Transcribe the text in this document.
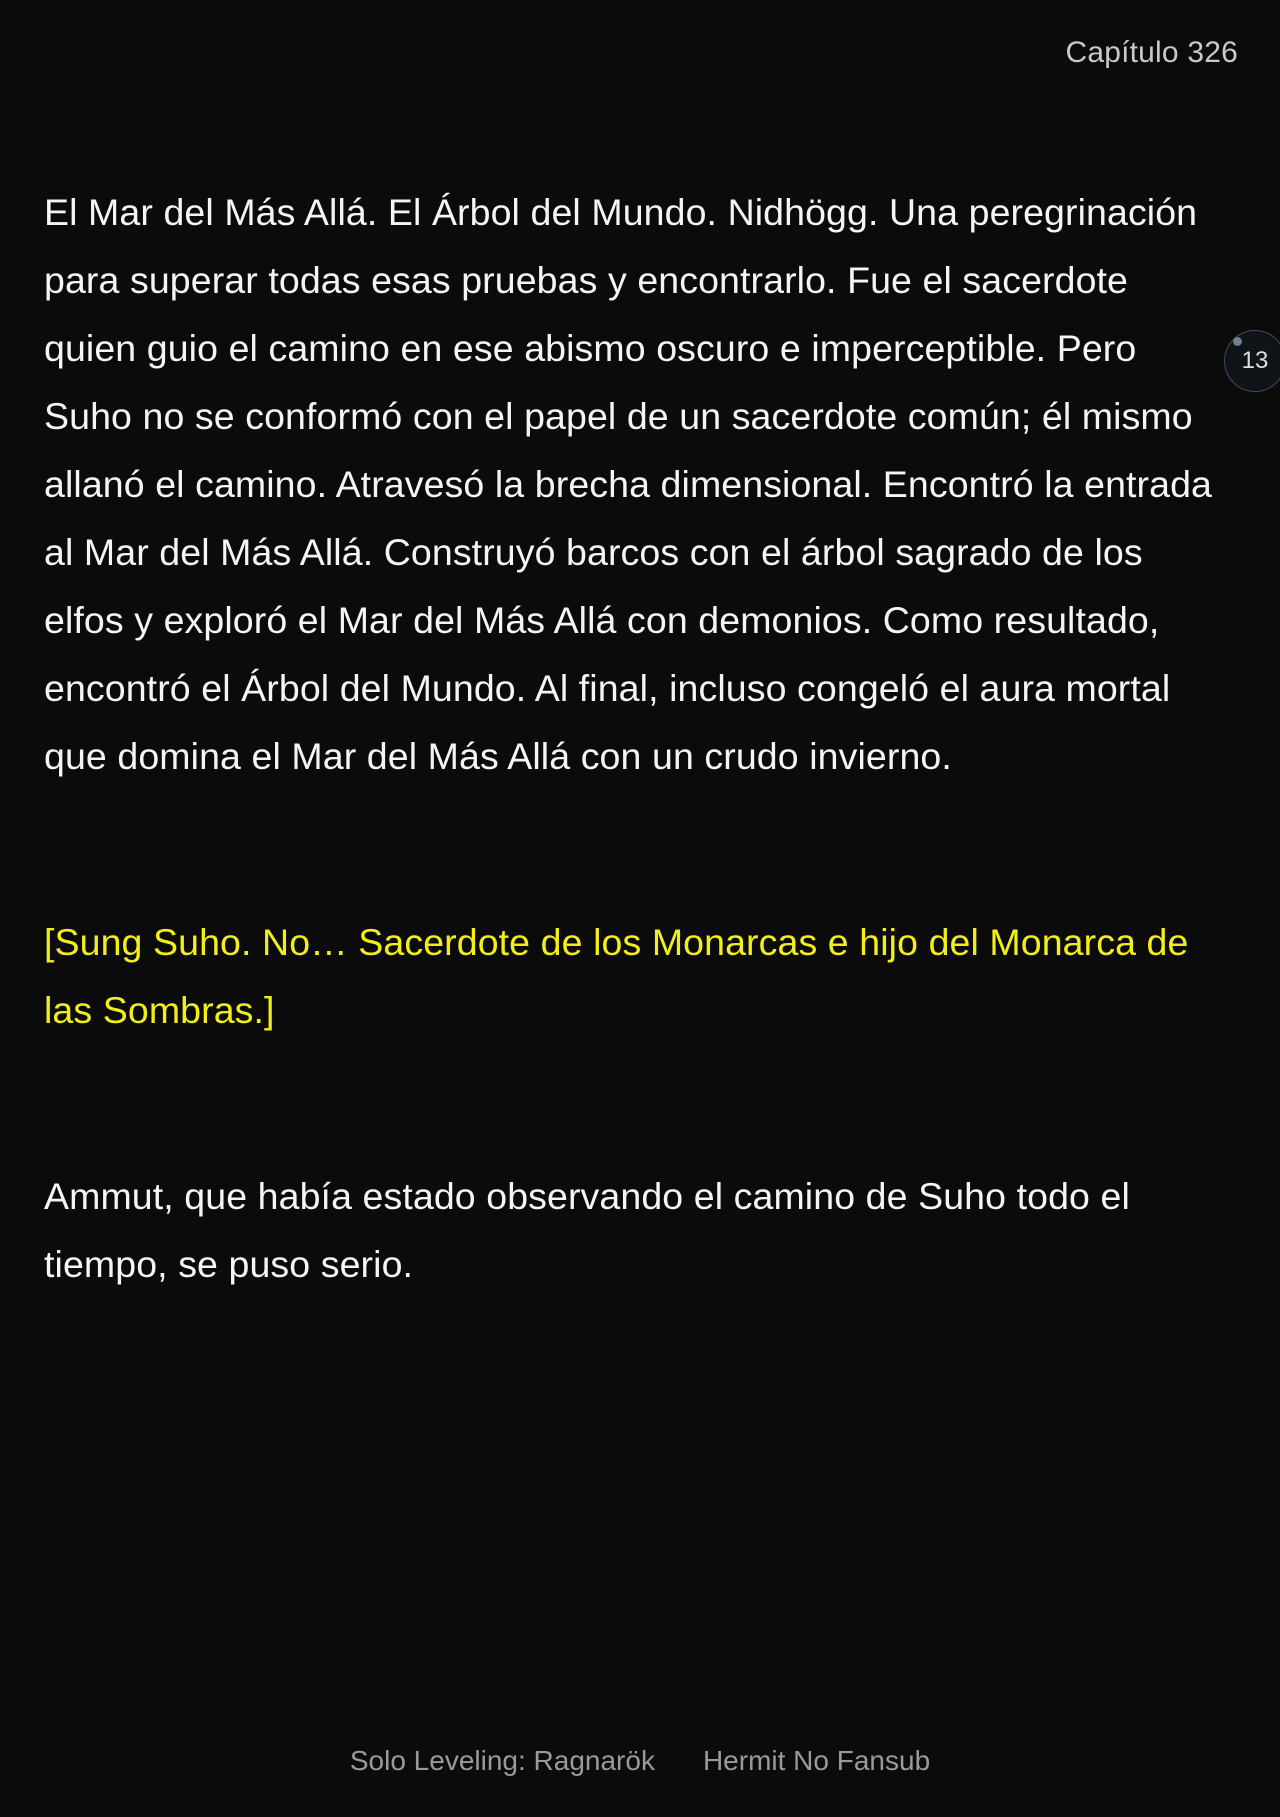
Capítulo 326
13

El Mar del Más Allá. El Árbol del Mundo. Nidhögg. Una peregrinación para superar todas esas pruebas y encontrarlo. Fue el sacerdote quien guio el camino en ese abismo oscuro e imperceptible. Pero Suho no se conformó con el papel de un sacerdote común; él mismo allanó el camino. Atravesó la brecha dimensional. Encontró la entrada al Mar del Más Allá. Construyó barcos con el árbol sagrado de los elfos y exploró el Mar del Más Allá con demonios. Como resultado, encontró el Árbol del Mundo. Al final, incluso congeló el aura mortal que domina el Mar del Más Allá con un crudo invierno.

[Sung Suho. No… Sacerdote de los Monarcas e hijo del Monarca de las Sombras.]

Ammut, que había estado observando el camino de Suho todo el tiempo, se puso serio.

Solo Leveling: Ragnarök Hermit No Fansub
